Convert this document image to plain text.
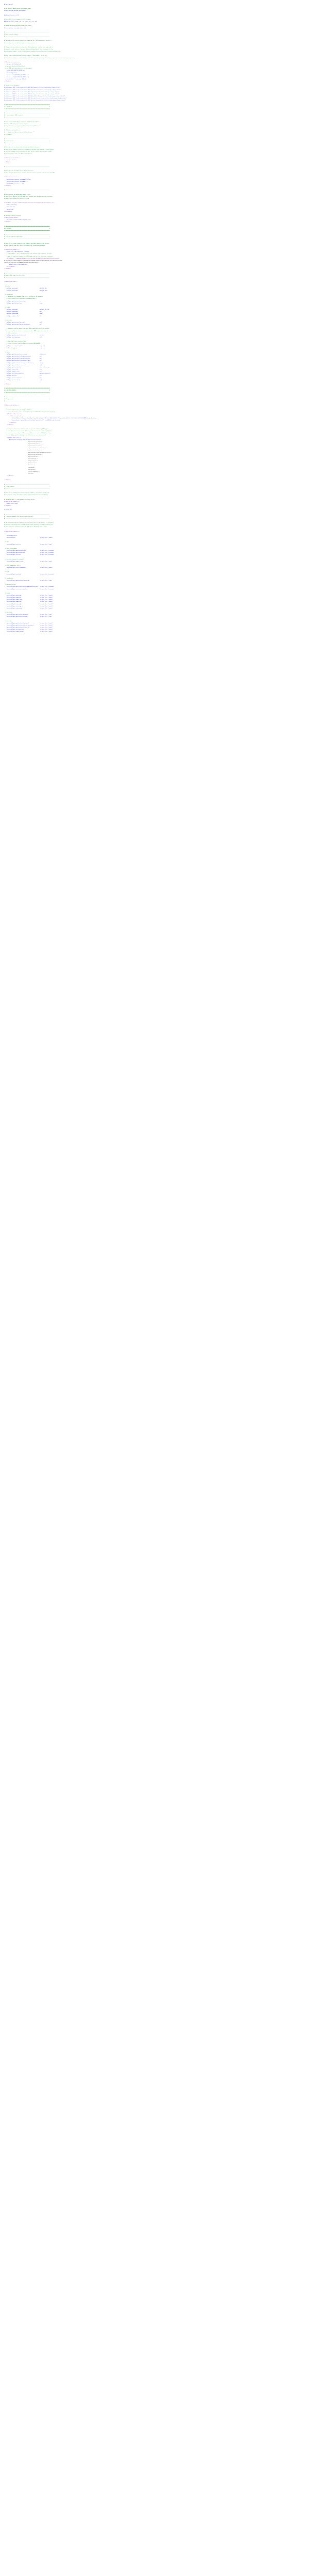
Allow from all
# Set default Application Environment name
SetEnv APPLICATION_ENV development
AddDefaultCharset utf-8
# Force UTF-8 for a number of file formats
AddCharset utf-8 .atom .css .js .json .rss .vtt .xml
# Change directory default index file order
DirectoryIndex index.php index.html
# ----------------------------------------------------------------------
# Start rewrite engine
# ----------------------------------------------------------------------
# Turning on the rewrite engine and enabling the `FollowSymLinks` option is
# necessary for the following directives to work.
# If your web host doesn't allow the `FollowSymlinks` option, you may need to
# comment it out and use `Options +SymLinksIfOwnerMatch` but, be aware of the
# performance impact: http://httpd.apache.org/docs/current/misc/perf-tuning.html#symlinks
# Also, some cloud hosting services require `RewriteBase` to be set:
# http://www.rackspace.com/knowledge_center/frequently-asked-question/why-is-mod-rewrite-not-working-on-my-site
<IfModule mod_rewrite.c>
Options +FollowSymlinks
# Options +SymLinksIfOwnerMatch
# Set PHP real word base uri in enviroment
SetEnv APP_REWRITE_ENGINE on
RewriteEngine On
RewriteCond %{REQUEST_FILENAME} !-f
RewriteCond %{REQUEST_FILENAME} !-d
RewriteRule ^ index.php [QSA,L]
</IfModule>
# Custom Error documents
ErrorDocument 400 "<html><head><title>400 Bad Request</title></head><body></body></html>"
ErrorDocument 401 "<html><head><title>401 Unauthorized</title></head><body></body></html>"
ErrorDocument 403 "<html><head><title>403 Forbidden</title></head><body></body></html>"
ErrorDocument 404 "<html><head><title>404 Not Found</title></head><body></body></html>"
ErrorDocument 405 "<html><head><title>405 Method Not Allowed</title></head><body></body></html>"
ErrorDocument 500 "<html><head><title>500 Internal Server Error</title></head><body></body></html>"
ErrorDocument 503 "<html><head><title>503 Service Unavailable</title></head><body></body></html>"
# ######################################################################
# # SECURITY                                                           #
# ######################################################################
# ----------------------------------------------------------------------
# | Cross-domain AJAX requests                                         |
# ----------------------------------------------------------------------
# Serve cross-domain Ajax requests. Disabled by default.
# Enable CORS only for trusted origins.
# http://enable-cors.org/ and http://www.w3.org/TR/cors/
# <IfModule mod_headers.c>
#     Header set Access-Control-Allow-Origin "*"
# </IfModule>
# ----------------------------------------------------------------------
# | File access                                                        |
# ----------------------------------------------------------------------
# Block access to directories without a default document.
# Usually you should leave this uncommented because you shouldn't allow anyone
# to surf through every directory on your server (which may includes rather
# private places like the CMS's directories).
<IfModule mod_autoindex.c>
Options -Indexes
</IfModule>
# ----------------------------------------------------------------------
# Block access to hidden files and directories.
# This includes directories used by version control systems such as Git and SVN.
<IfModule mod_rewrite.c>
RewriteCond %{SCRIPT_FILENAME} -d [OR]
RewriteCond %{SCRIPT_FILENAME} -f
RewriteRule "(^|/)\." - [F]
</IfModule>
# ----------------------------------------------------------------------
# Block access to backup and source files.
# These files may be left by some text editors and can pose a great security
# danger when anyone has access to them.
<FilesMatch "(^#.*#|\.(bak|config|dist|fla|inc|ini|log|psd|sh|sql|sw[op])|~)$">
Order allow,deny
Deny from all
Satisfy All
</FilesMatch>
# Increase cookie security
<IfModule php5_module>
php_value session.cookie_httponly true
</IfModule>
# ######################################################################
# # CONTENT                                                            #
# ######################################################################
# ----------------------------------------------------------------------
# | Better website experience                                          |
# ----------------------------------------------------------------------
# Force IE to render pages in the highest available mode in the various
# cases when it may not: http://hsivonen.iki.fi/doctype/#ie8modes
<IfModule mod_headers.c>
Header set X-UA-Compatible "IE=edge"
# `mod_headers` can't match based on the content-type, however, we only
# want to send this header for HTML pages and not for the other resources
<FilesMatch "\.(appcache|atom|crx|css|cur|eot|f4[abpv]|flv|geojson|gif|htc|ico|jpe?
g|js|json(ld)?|m4[av]|manifest|map|mp4|oex|og[agv]|opus|otf|pdf|png|rdf|rss|safariextz|svgz?
|swf|tt[cf]|txt|vcf|vtt|webapp|web[mp]|woff|xml|xpi)$">
Header unset X-UA-Compatible
</FilesMatch>
</IfModule>
# ----------------------------------------------------------------------
# Proper MIME type for all files
# ----------------------------------------------------------------------
<IfModule mod_mime.c>
# Audio
AddType audio/mp4                                   m4a f4a f4b
AddType audio/ogg                                   oga ogg opus
# JavaScript
# Normalize to standard type (it's sniffed in IE anyways):
# http://tools.ietf.org/html/rfc4329#section-7.2
AddType application/javascript                      js
AddType application/json                            json
# Video
AddType video/mp4                                   mp4 m4v f4v f4p
AddType video/ogg                                   ogv
AddType video/webm                                  webm
AddType video/x-flv                                 flv
# Web fonts
AddType application/font-woff                       woff
AddType application/vnd.ms-fontobject               eot
# Browsers usually ignore the font MIME types and sniff the content,
# however, Chrome shows a warning if other MIME types are used for the
# following fonts.
AddType application/x-font-ttf                      ttc ttf
AddType font/opentype                               otf
# Make SVGZ fonts work on iPad:
# https://twitter.com/FontSquirrel/status/14855840545
AddType     image/svg+xml                           svgz svg
AddEncoding gzip                                    svgz
# Other
AddType application/octet-stream                    safariextz
AddType application/x-chrome-extension              crx
AddType application/x-opera-extension               oex
AddType application/x-shockwave-flash               swf
AddType application/x-web-app-manifest+json         webapp
AddType application/x-xpinstall                     xpi
AddType application/xml                             atom rdf rss xml
AddType image/webp                                  webp
AddType image/x-icon                                ico
AddType text/cache-manifest                         appcache manifest
AddType text/vtt                                    vtt
AddType text/x-component                            htc
AddType text/x-vcard                                vcf
</IfModule>
# ######################################################################
# # WEB PERFORMANCE                                                    #
# ######################################################################
# ----------------------------------------------------------------------
# | Compression                                                        |
# ----------------------------------------------------------------------
<IfModule mod_deflate.c>
# Force compression for mangled headers.
# http://developer.yahoo.com/blogs/ydn/posts/2010/12/pushing-beyond-gzipping
<IfModule mod_setenvif.c>
<IfModule mod_headers.c>
SetEnvIfNoCase ^(Accept-EncodXng|X-cept-Encoding|X-(SSC|~)|-{15}|~{15})$ ^((gzip|deflate)\s*,?\s*)+|[X~-]{4,13}$ HAVE_Accept-Encoding
RequestHeader append Accept-Encoding "gzip,deflate" env=HAVE_Accept-Encoding
</IfModule>
</IfModule>
# Compress all output labeled with one of the following MIME-types
# (for Apache versions below 2.3.7, you don't need to enable `mod_filter`
#  and can remove the `<IfModule mod_filter.c>` and `</IfModule>` lines
#  as `AddOutputFilterByType` is still in the core directives).
<IfModule mod_filter.c>
AddOutputFilterByType DEFLATE application/atom+xml \
application/javascript \
application/json \
application/rss+xml \
application/vnd.ms-fontobject \
application/x-font-ttf \
application/x-web-app-manifest+json \
application/xhtml+xml \
application/xml \
font/opentype \
image/svg+xml \
image/x-icon \
text/css \
text/html \
text/plain \
text/x-component \
text/xml
</IfModule>
</IfModule>
# ----------------------------------------------------------------------
# | ETag removal                                                       |
# ----------------------------------------------------------------------
# Since we're sending far-future expires headers (see below), ETags can
# be removed: http://developer.yahoo.com/performance/rules.html#etags
# `FileETag None` is not enough for every server.
<IfModule mod_headers.c>
Header unset ETag
</IfModule>
FileETag None
# ----------------------------------------------------------------------
# | Expires headers (for better cache control)                         |
# ----------------------------------------------------------------------
# The following expires headers are set pretty far in the future. If you don't
# control versioning with filename-based cache busting, consider lowering the
# cache time for resources like CSS and JS to something like 1 week.
<IfModule mod_expires.c>
ExpiresActive on
ExpiresDefault                                      "access plus 1 month"
# CSS
ExpiresByType text/css                              "access plus 1 year"
# Data interchange
ExpiresByType application/json                      "access plus 0 seconds"
ExpiresByType application/xml                       "access plus 0 seconds"
ExpiresByType text/xml                              "access plus 0 seconds"
# Favicon (cannot be renamed!)
ExpiresByType image/x-icon                          "access plus 1 week"
# HTML components (HTCs)
ExpiresByType text/x-component                      "access plus 1 month"
# HTML
ExpiresByType text/html                             "access plus 0 seconds"
# JavaScript
ExpiresByType application/javascript                "access plus 1 year"
# Manifest files
ExpiresByType application/x-web-app-manifest+json   "access plus 0 seconds"
ExpiresByType text/cache-manifest                   "access plus 0 seconds"
# Media
ExpiresByType audio/ogg                             "access plus 1 month"
ExpiresByType image/gif                             "access plus 1 month"
ExpiresByType image/jpeg                            "access plus 1 month"
ExpiresByType image/png                             "access plus 1 month"
ExpiresByType video/mp4                             "access plus 1 month"
ExpiresByType video/ogg                             "access plus 1 month"
ExpiresByType video/webm                            "access plus 1 month"
# Web feeds
ExpiresByType application/atom+xml                  "access plus 1 hour"
ExpiresByType application/rss+xml                   "access plus 1 hour"
# Web fonts
ExpiresByType application/font-woff                 "access plus 1 month"
ExpiresByType application/vnd.ms-fontobject         "access plus 1 month"
ExpiresByType application/x-font-ttf                "access plus 1 month"
ExpiresByType font/opentype                         "access plus 1 month"
ExpiresByType image/svg+xml                         "access plus 1 month"
